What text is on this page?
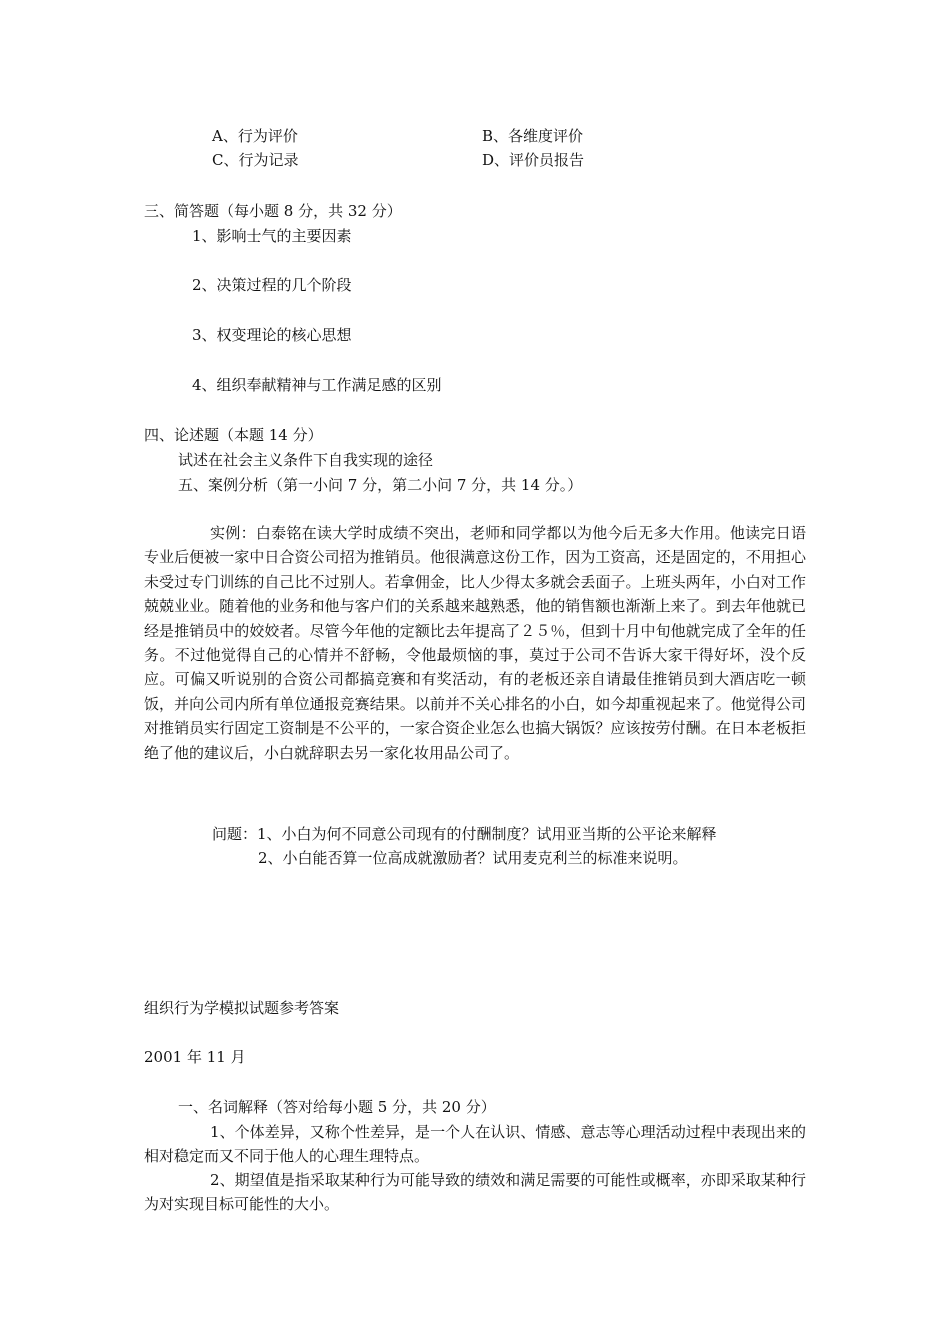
A、行为评价	B、各维度评价
C、行为记录	D、评价员报告
三、简答题（每小题 8 分，共 32 分）
1、影响士气的主要因素
2、决策过程的几个阶段
3、权变理论的核心思想
4、组织奉献精神与工作满足感的区别
四、论述题（本题 14 分）
试述在社会主义条件下自我实现的途径
五、案例分析（第一小问 7 分，第二小问 7 分，共 14 分。）
实例：白泰铭在读大学时成绩不突出，老师和同学都以为他今后无多大作用。他读完日语专业后便被一家中日合资公司招为推销员。他很满意这份工作，因为工资高，还是固定的，不用担心未受过专门训练的自己比不过别人。若拿佣金，比人少得太多就会丢面子。上班头两年，小白对工作兢兢业业。随着他的业务和他与客户们的关系越来越熟悉，他的销售额也渐渐上来了。到去年他就已经是推销员中的姣姣者。尽管今年他的定额比去年提高了２５％，但到十月中旬他就完成了全年的任务。不过他觉得自己的心情并不舒畅，令他最烦恼的事，莫过于公司不告诉大家干得好坏，没个反应。可偏又听说别的合资公司都搞竞赛和有奖活动，有的老板还亲自请最佳推销员到大酒店吃一顿饭，并向公司内所有单位通报竞赛结果。以前并不关心排名的小白，如今却重视起来了。他觉得公司对推销员实行固定工资制是不公平的，一家合资企业怎么也搞大锅饭？应该按劳付酬。在日本老板拒绝了他的建议后，小白就辞职去另一家化妆用品公司了。
问题：1、小白为何不同意公司现有的付酬制度？试用亚当斯的公平论来解释
2、小白能否算一位高成就激励者？试用麦克利兰的标准来说明。
组织行为学模拟试题参考答案
2001 年 11 月
一、名词解释（答对给每小题 5 分，共 20 分）
1、个体差异，又称个性差异，是一个人在认识、情感、意志等心理活动过程中表现出来的相对稳定而又不同于他人的心理生理特点。
2、期望值是指采取某种行为可能导致的绩效和满足需要的可能性或概率，亦即采取某种行为对实现目标可能性的大小。
